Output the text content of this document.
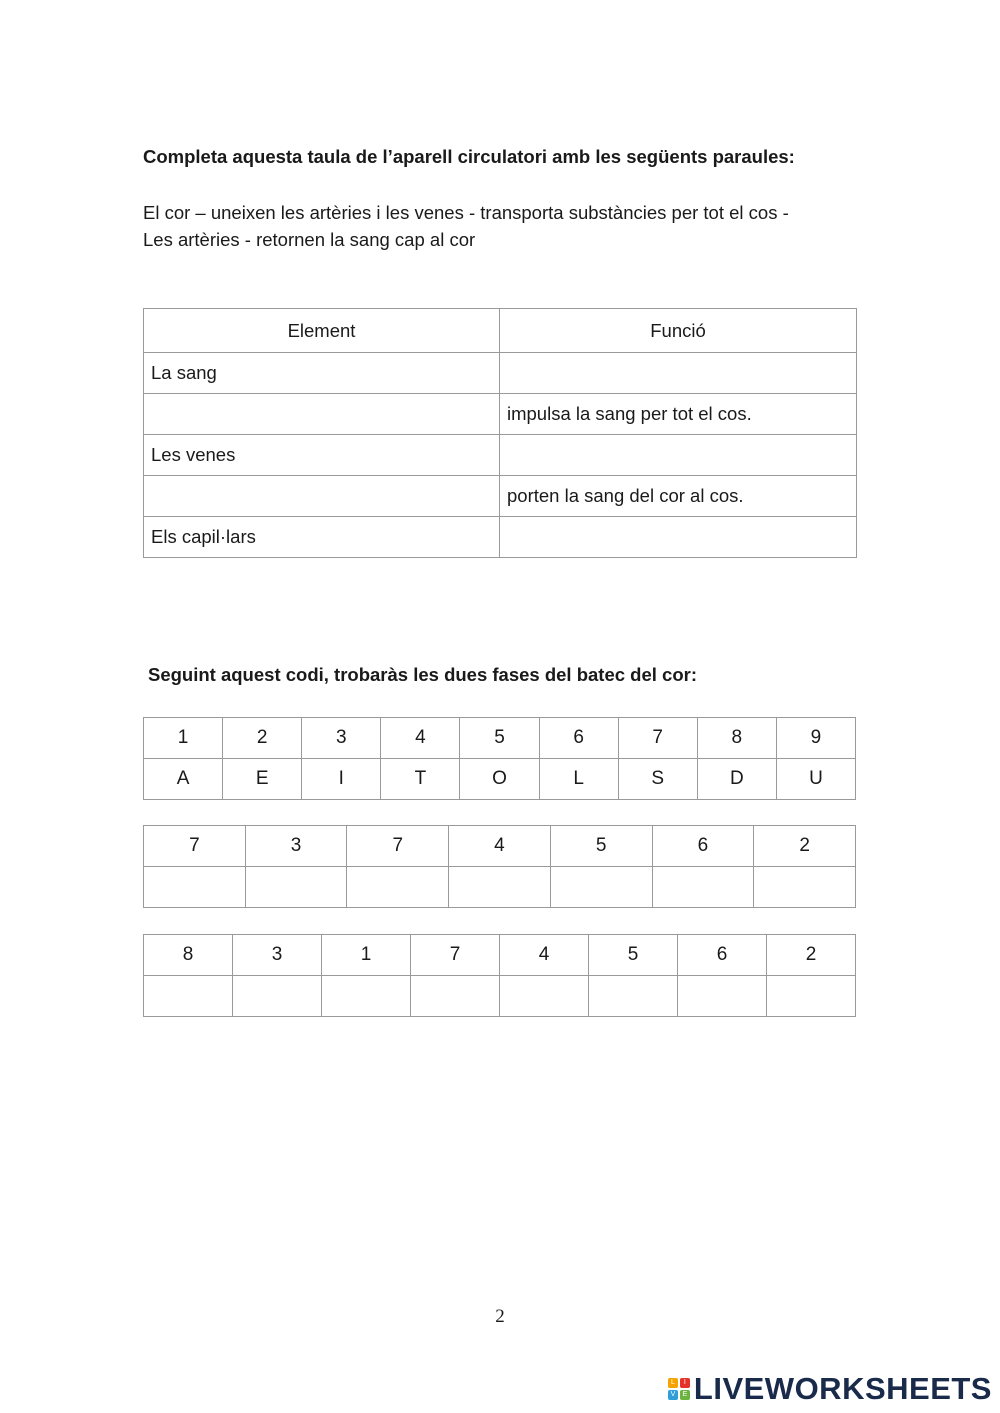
Completa aquesta taula de l’aparell circulatori amb les següents paraules:
El cor – uneixen les artèries i les venes - transporta substàncies per tot el cos -
Les artèries - retornen la sang cap al cor
Element	Funció
La sang	
	impulsa la sang per tot el cos.
Les venes	
	porten la sang del cor al cos.
Els capil·lars	
Seguint aquest codi, trobaràs les dues fases del batec del cor:
1	2	3	4	5	6	7	8	9
A	E	I	T	O	L	S	D	U
7	3	7	4	5	6	2

8	3	1	7	4	5	6	2

2
L	I
V	E LIVEWORKSHEETS
